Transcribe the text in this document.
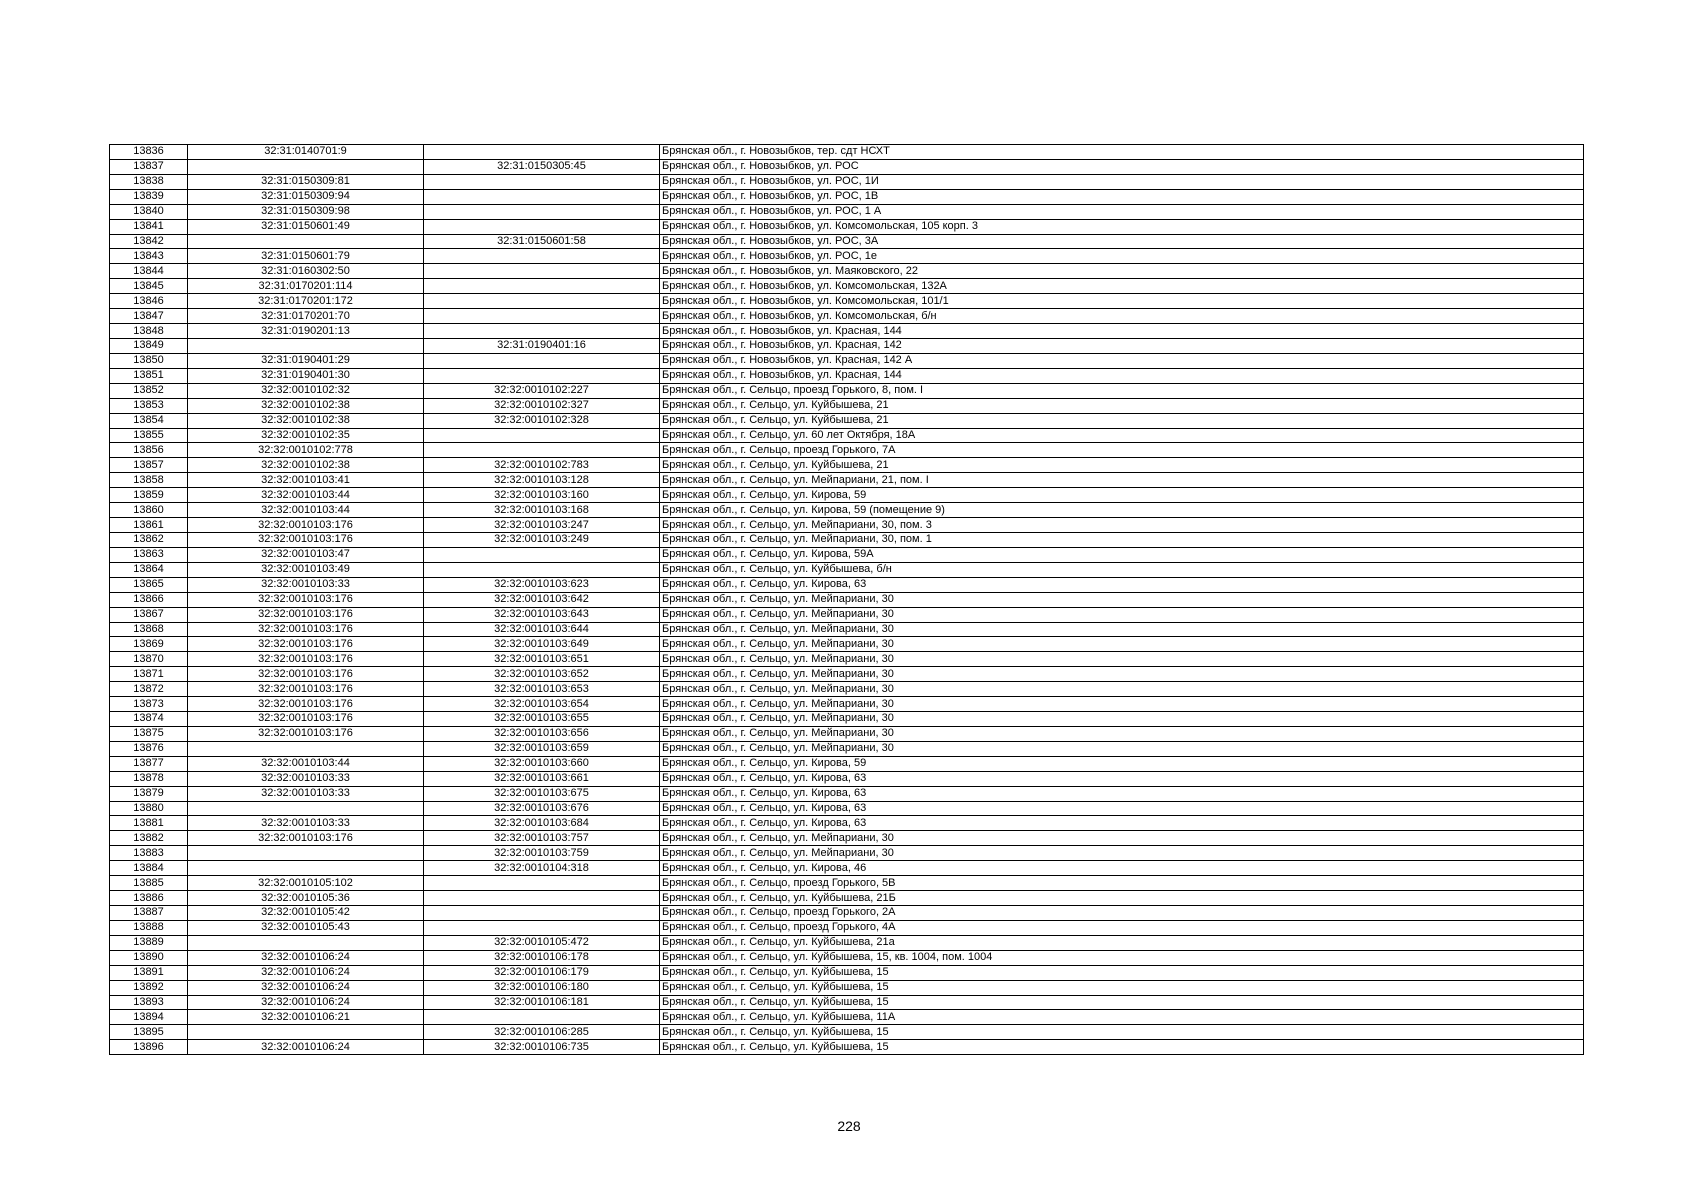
13836	32:31:0140701:9		Брянская обл., г. Новозыбков, тер. сдт НСХТ
13837		32:31:0150305:45	Брянская обл., г. Новозыбков, ул. РОС
13838	32:31:0150309:81		Брянская обл., г. Новозыбков, ул. РОС, 1И
13839	32:31:0150309:94		Брянская обл., г. Новозыбков, ул. РОС, 1В
13840	32:31:0150309:98		Брянская обл., г. Новозыбков, ул. РОС, 1 А
13841	32:31:0150601:49		Брянская обл., г. Новозыбков, ул. Комсомольская, 105 корп. 3
13842		32:31:0150601:58	Брянская обл., г. Новозыбков, ул. РОС, 3А
13843	32:31:0150601:79		Брянская обл., г. Новозыбков, ул. РОС, 1е
13844	32:31:0160302:50		Брянская обл., г. Новозыбков, ул. Маяковского, 22
13845	32:31:0170201:114		Брянская обл., г. Новозыбков, ул. Комсомольская, 132А
13846	32:31:0170201:172		Брянская обл., г. Новозыбков, ул. Комсомольская, 101/1
13847	32:31:0170201:70		Брянская обл., г. Новозыбков, ул. Комсомольская, б/н
13848	32:31:0190201:13		Брянская обл., г. Новозыбков, ул. Красная, 144
13849		32:31:0190401:16	Брянская обл., г. Новозыбков, ул. Красная, 142
13850	32:31:0190401:29		Брянская обл., г. Новозыбков, ул. Красная, 142 А
13851	32:31:0190401:30		Брянская обл., г. Новозыбков, ул. Красная, 144
13852	32:32:0010102:32	32:32:0010102:227	Брянская обл., г. Сельцо, проезд Горького, 8, пом. I
13853	32:32:0010102:38	32:32:0010102:327	Брянская обл., г. Сельцо, ул. Куйбышева, 21
13854	32:32:0010102:38	32:32:0010102:328	Брянская обл., г. Сельцо, ул. Куйбышева, 21
13855	32:32:0010102:35		Брянская обл., г. Сельцо, ул. 60 лет Октября, 18А
13856	32:32:0010102:778		Брянская обл., г. Сельцо, проезд Горького, 7А
13857	32:32:0010102:38	32:32:0010102:783	Брянская обл., г. Сельцо, ул. Куйбышева, 21
13858	32:32:0010103:41	32:32:0010103:128	Брянская обл., г. Сельцо, ул. Мейпариани, 21, пом. I
13859	32:32:0010103:44	32:32:0010103:160	Брянская обл., г. Сельцо, ул. Кирова, 59
13860	32:32:0010103:44	32:32:0010103:168	Брянская обл., г. Сельцо, ул. Кирова, 59 (помещение 9)
13861	32:32:0010103:176	32:32:0010103:247	Брянская обл., г. Сельцо, ул. Мейпариани, 30, пом. 3
13862	32:32:0010103:176	32:32:0010103:249	Брянская обл., г. Сельцо, ул. Мейпариани, 30, пом. 1
13863	32:32:0010103:47		Брянская обл., г. Сельцо, ул. Кирова, 59А
13864	32:32:0010103:49		Брянская обл., г. Сельцо, ул. Куйбышева, б/н
13865	32:32:0010103:33	32:32:0010103:623	Брянская обл., г. Сельцо, ул. Кирова, 63
13866	32:32:0010103:176	32:32:0010103:642	Брянская обл., г. Сельцо, ул. Мейпариани, 30
13867	32:32:0010103:176	32:32:0010103:643	Брянская обл., г. Сельцо, ул. Мейпариани, 30
13868	32:32:0010103:176	32:32:0010103:644	Брянская обл., г. Сельцо, ул. Мейпариани, 30
13869	32:32:0010103:176	32:32:0010103:649	Брянская обл., г. Сельцо, ул. Мейпариани, 30
13870	32:32:0010103:176	32:32:0010103:651	Брянская обл., г. Сельцо, ул. Мейпариани, 30
13871	32:32:0010103:176	32:32:0010103:652	Брянская обл., г. Сельцо, ул. Мейпариани, 30
13872	32:32:0010103:176	32:32:0010103:653	Брянская обл., г. Сельцо, ул. Мейпариани, 30
13873	32:32:0010103:176	32:32:0010103:654	Брянская обл., г. Сельцо, ул. Мейпариани, 30
13874	32:32:0010103:176	32:32:0010103:655	Брянская обл., г. Сельцо, ул. Мейпариани, 30
13875	32:32:0010103:176	32:32:0010103:656	Брянская обл., г. Сельцо, ул. Мейпариани, 30
13876		32:32:0010103:659	Брянская обл., г. Сельцо, ул. Мейпариани, 30
13877	32:32:0010103:44	32:32:0010103:660	Брянская обл., г. Сельцо, ул. Кирова, 59
13878	32:32:0010103:33	32:32:0010103:661	Брянская обл., г. Сельцо, ул. Кирова, 63
13879	32:32:0010103:33	32:32:0010103:675	Брянская обл., г. Сельцо, ул. Кирова, 63
13880		32:32:0010103:676	Брянская обл., г. Сельцо, ул. Кирова, 63
13881	32:32:0010103:33	32:32:0010103:684	Брянская обл., г. Сельцо, ул. Кирова, 63
13882	32:32:0010103:176	32:32:0010103:757	Брянская обл., г. Сельцо, ул. Мейпариани, 30
13883		32:32:0010103:759	Брянская обл., г. Сельцо, ул. Мейпариани, 30
13884		32:32:0010104:318	Брянская обл., г. Сельцо, ул. Кирова, 46
13885	32:32:0010105:102		Брянская обл., г. Сельцо, проезд Горького, 5В
13886	32:32:0010105:36		Брянская обл., г. Сельцо, ул. Куйбышева, 21Б
13887	32:32:0010105:42		Брянская обл., г. Сельцо, проезд Горького, 2А
13888	32:32:0010105:43		Брянская обл., г. Сельцо, проезд Горького, 4А
13889		32:32:0010105:472	Брянская обл., г. Сельцо, ул. Куйбышева, 21а
13890	32:32:0010106:24	32:32:0010106:178	Брянская обл., г. Сельцо, ул. Куйбышева, 15, кв. 1004, пом. 1004
13891	32:32:0010106:24	32:32:0010106:179	Брянская обл., г. Сельцо, ул. Куйбышева, 15
13892	32:32:0010106:24	32:32:0010106:180	Брянская обл., г. Сельцо, ул. Куйбышева, 15
13893	32:32:0010106:24	32:32:0010106:181	Брянская обл., г. Сельцо, ул. Куйбышева, 15
13894	32:32:0010106:21		Брянская обл., г. Сельцо, ул. Куйбышева, 11А
13895		32:32:0010106:285	Брянская обл., г. Сельцо, ул. Куйбышева, 15
13896	32:32:0010106:24	32:32:0010106:735	Брянская обл., г. Сельцо, ул. Куйбышева, 15
228
